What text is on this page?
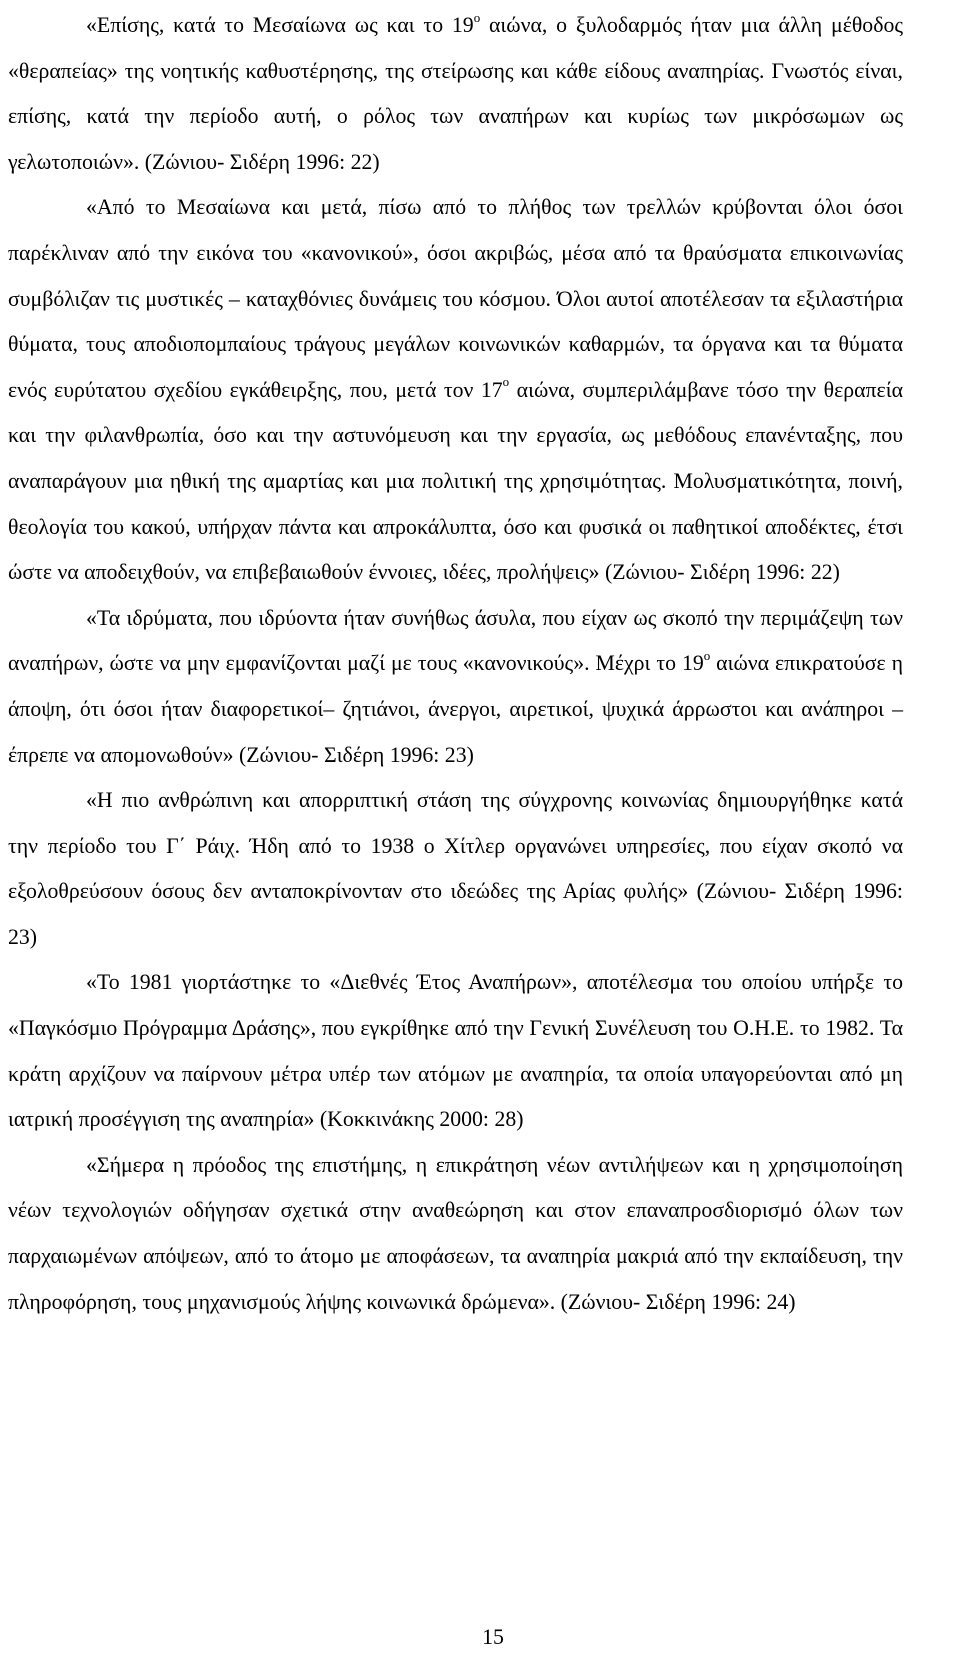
«Επίσης, κατά το Μεσαίωνα ως και το $19^o$ αιώνα, ο ξυλοδαρμός ήταν μια άλλη μέθοδος «θεραπείας» της νοητικής καθυστέρησης, της στείρωσης και κάθε είδους αναπηρίας. Γνωστός είναι, επίσης, κατά την περίοδο αυτή, ο ρόλος των αναπήρων και κυρίως των μικρόσωμων ως γελωτοποιών». (Ζώνιου- Σιδέρη 1996: 22)

«Από το Μεσαίωνα και μετά, πίσω από το πλήθος των τρελλών κρύβονται όλοι όσοι παρέκλιναν από την εικόνα του «κανονικού», όσοι ακριβώς, μέσα από τα θραύσματα επικοινωνίας συμβόλιζαν τις μυστικές – καταχθόνιες δυνάμεις του κόσμου. Όλοι αυτοί αποτέλεσαν τα εξιλαστήρια θύματα, τους αποδιοπομπαίους τράγους μεγάλων κοινωνικών καθαρμών, τα όργανα και τα θύματα ενός ευρύτατου σχεδίου εγκάθειρξης, που, μετά τον $17^o$ αιώνα, συμπεριλάμβανε τόσο την θεραπεία και την φιλανθρωπία, όσο και την αστυνόμευση και την εργασία, ως μεθόδους επανένταξης, που αναπαράγουν μια ηθική της αμαρτίας και μια πολιτική της χρησιμότητας. Μολυσματικότητα, ποινή, θεολογία του κακού, υπήρχαν πάντα και απροκάλυπτα, όσο και φυσικά οι παθητικοί αποδέκτες, έτσι ώστε να αποδειχθούν, να επιβεβαιωθούν έννοιες, ιδέες, προλήψεις» (Ζώνιου- Σιδέρη 1996: 22)

«Τα ιδρύματα, που ιδρύοντα ήταν συνήθως άσυλα, που είχαν ως σκοπό την περιμάζεψη των αναπήρων, ώστε να μην εμφανίζονται μαζί με τους «κανονικούς». Μέχρι το $19^o$ αιώνα επικρατούσε η άποψη, ότι όσοι ήταν διαφορετικοί– ζητιάνοι, άνεργοι, αιρετικοί, ψυχικά άρρωστοι και ανάπηροι – έπρεπε να απομονωθούν» (Ζώνιου- Σιδέρη 1996: 23)

«Η πιο ανθρώπινη και απορριπτική στάση της σύγχρονης κοινωνίας δημιουργήθηκε κατά την περίοδο του Γ΄ Ράιχ. Ήδη από το 1938 ο Χίτλερ οργανώνει υπηρεσίες, που είχαν σκοπό να εξολοθρεύσουν όσους δεν ανταποκρίνονταν στο ιδεώδες της Αρίας φυλής» (Ζώνιου- Σιδέρη 1996: 23)

«Το 1981 γιορτάστηκε το «Διεθνές Έτος Αναπήρων», αποτέλεσμα του οποίου υπήρξε το «Παγκόσμιο Πρόγραμμα Δράσης», που εγκρίθηκε από την Γενική Συνέλευση του Ο.Η.Ε. το 1982. Τα κράτη αρχίζουν να παίρνουν μέτρα υπέρ των ατόμων με αναπηρία, τα οποία υπαγορεύονται από μη ιατρική προσέγγιση της αναπηρία» (Κοκκινάκης 2000: 28)

«Σήμερα η πρόοδος της επιστήμης, η επικράτηση νέων αντιλήψεων και η χρησιμοποίηση νέων τεχνολογιών οδήγησαν σχετικά στην αναθεώρηση και στον επαναπροσδιορισμό όλων των παρχαιωμένων απόψεων, από το άτομο με αποφάσεων, τα αναπηρία μακριά από την εκπαίδευση, την πληροφόρηση, τους μηχανισμούς λήψης κοινωνικά δρώμενα». (Ζώνιου- Σιδέρη 1996: 24)

15
